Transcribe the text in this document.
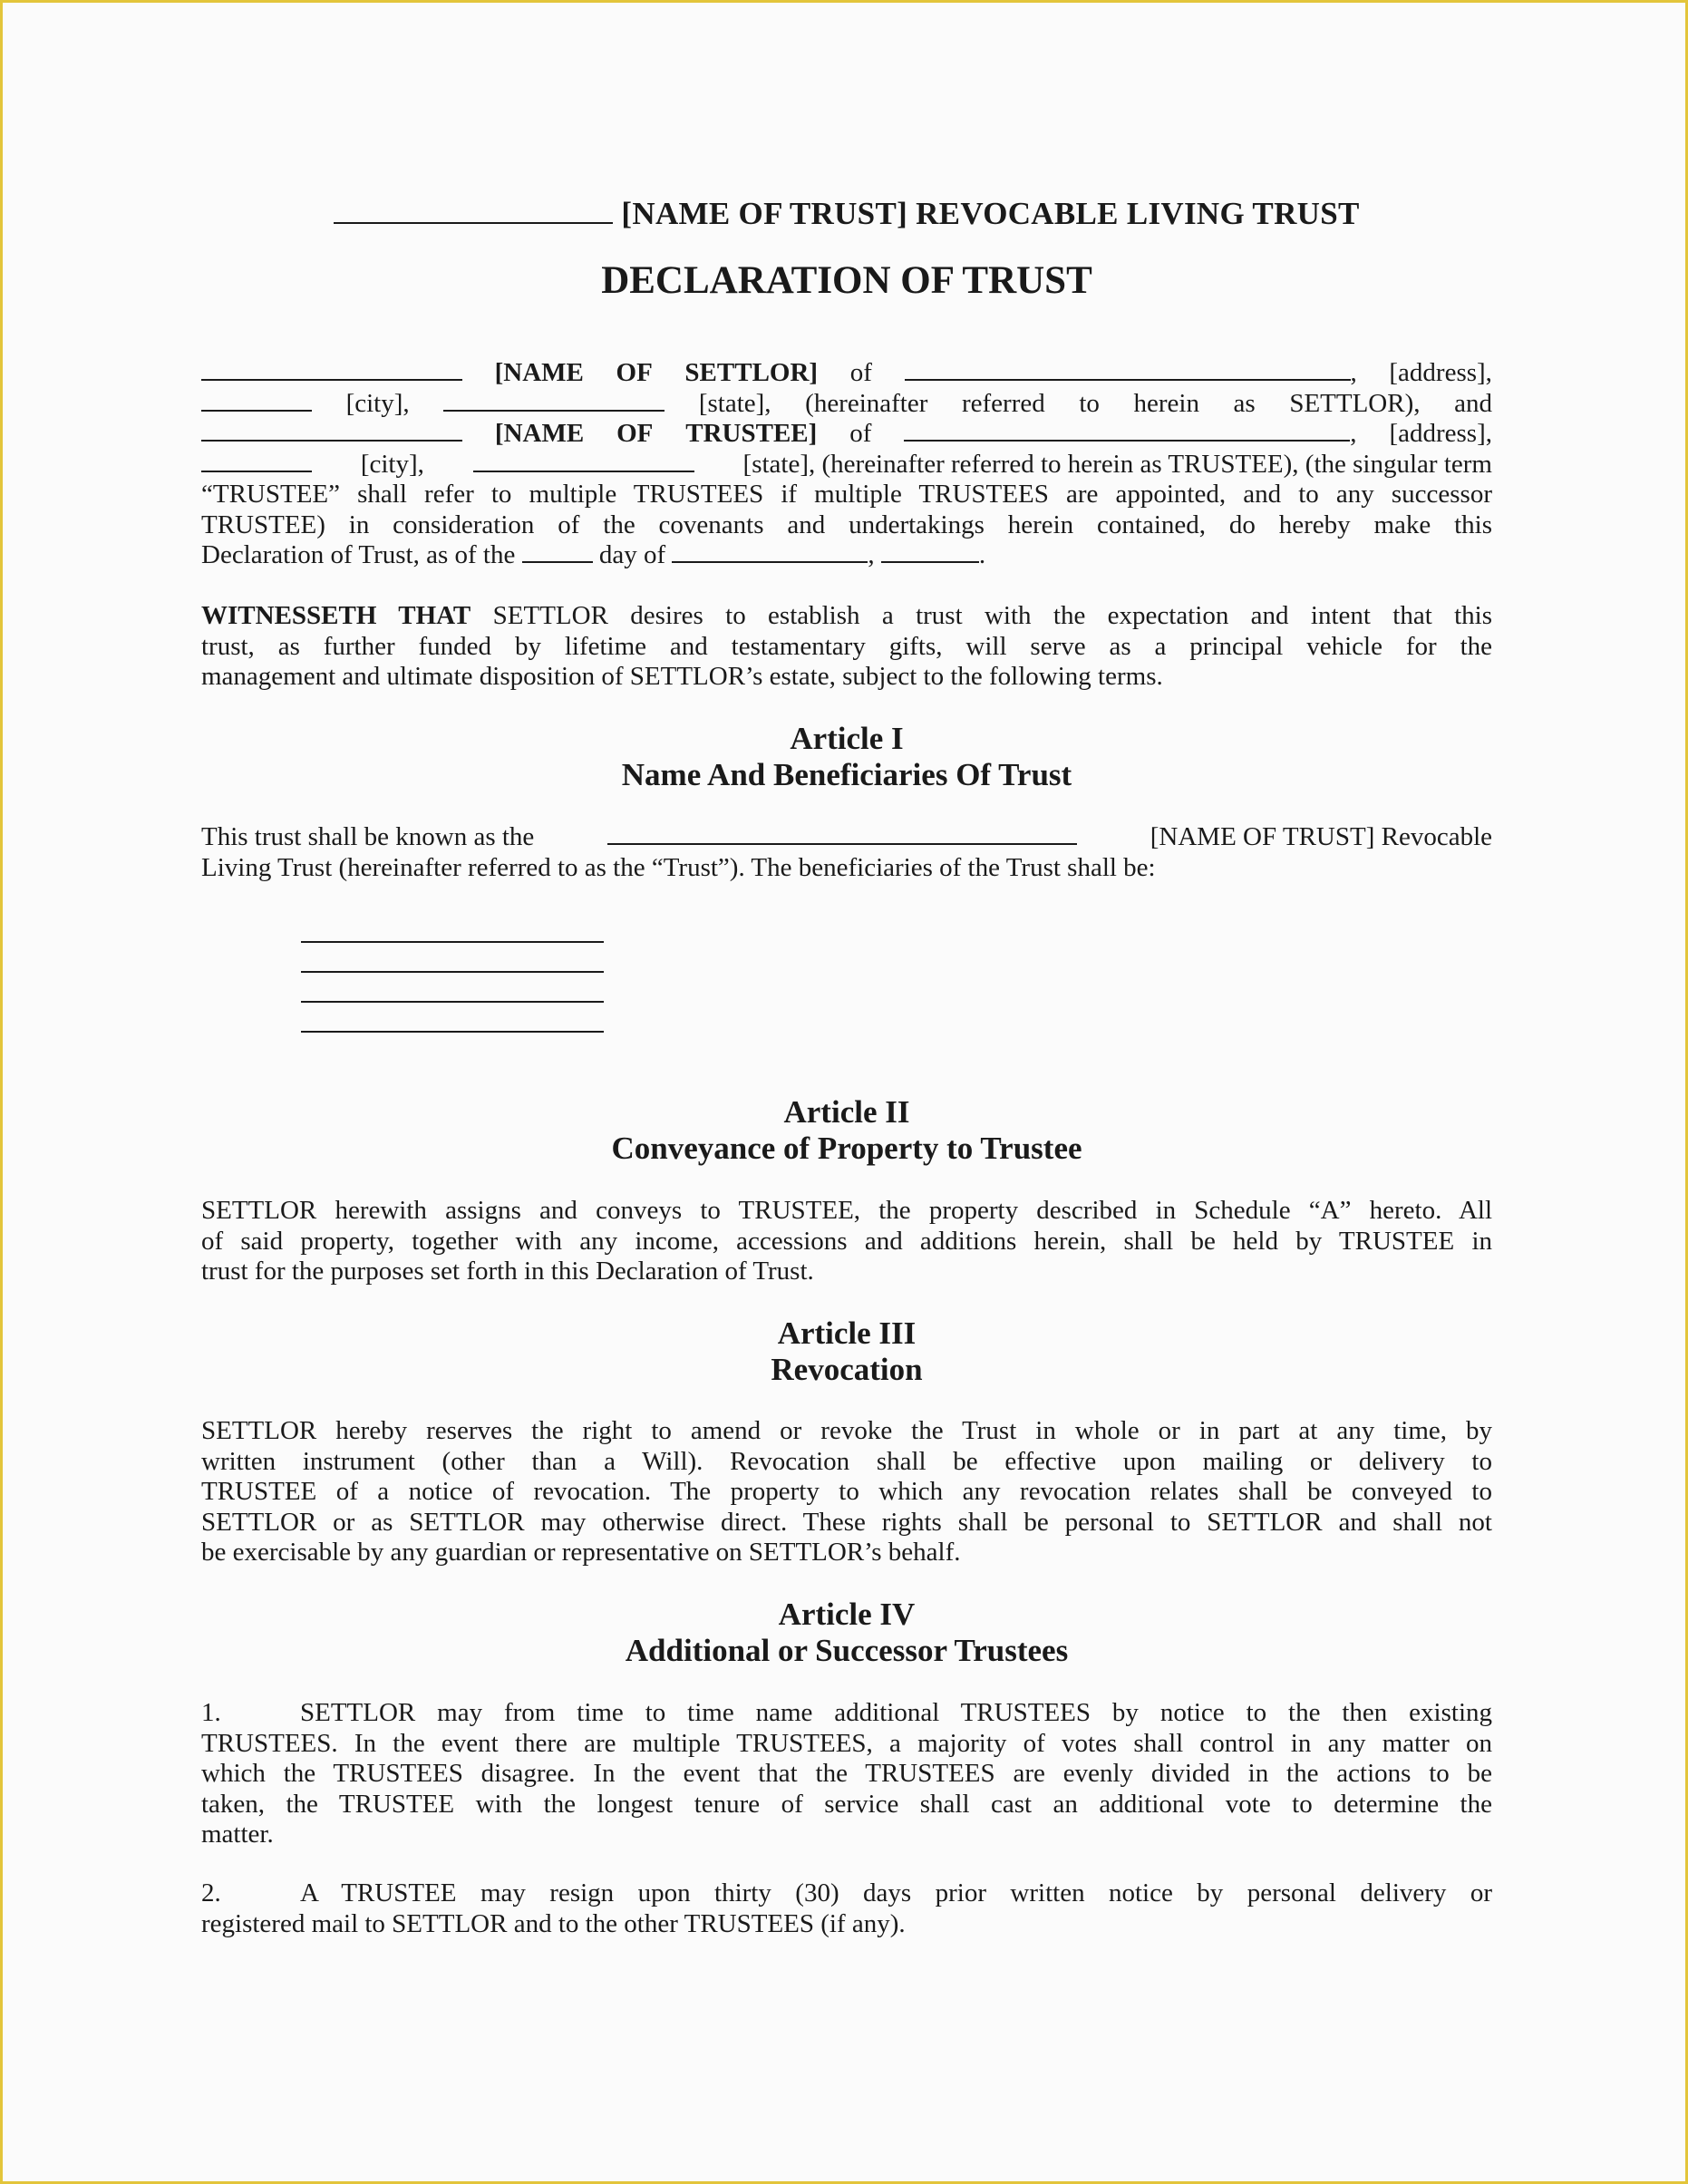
[NAME OF TRUST] REVOCABLE LIVING TRUST
DECLARATION OF TRUST
[NAME OF SETTLOR] of	, [address],
[city],	[state], (hereinafter referred to herein as SETTLOR), and
[NAME OF TRUSTEE] of	, [address],
[city],	[state], (hereinafter referred to herein as TRUSTEE), (the singular term

“TRUSTEE” shall refer to multiple TRUSTEES if multiple TRUSTEES are appointed, and to any successor

TRUSTEE) in consideration of the covenants and undertakings herein contained, do hereby make this

Declaration of Trust, as of the	day of	,	.

WITNESSETH THAT SETTLOR desires to establish a trust with the expectation and intent that this

trust, as further funded by lifetime and testamentary gifts, will serve as a principal vehicle for the

management and ultimate disposition of SETTLOR’s estate, subject to the following terms.

Article I
Name And Beneficiaries Of Trust
This trust shall be known as the	[NAME OF TRUST] Revocable

Living Trust (hereinafter referred to as the “Trust”). The beneficiaries of the Trust shall be:

Article II
Conveyance of Property to Trustee

SETTLOR herewith assigns and conveys to TRUSTEE, the property described in Schedule “A” hereto. All

of said property, together with any income, accessions and additions herein, shall be held by TRUSTEE in

trust for the purposes set forth in this Declaration of Trust.

Article III
Revocation

SETTLOR hereby reserves the right to amend or revoke the Trust in whole or in part at any time, by

written instrument (other than a Will). Revocation shall be effective upon mailing or delivery to

TRUSTEE of a notice of revocation. The property to which any revocation relates shall be conveyed to

SETTLOR or as SETTLOR may otherwise direct. These rights shall be personal to SETTLOR and shall not

be exercisable by any guardian or representative on SETTLOR’s behalf.

Article IV
Additional or Successor Trustees

1.	SETTLOR may from time to time name additional TRUSTEES by notice to the then existing

TRUSTEES. In the event there are multiple TRUSTEES, a majority of votes shall control in any matter on

which the TRUSTEES disagree. In the event that the TRUSTEES are evenly divided in the actions to be

taken, the TRUSTEE with the longest tenure of service shall cast an additional vote to determine the

matter.

2.	A TRUSTEE may resign upon thirty (30) days prior written notice by personal delivery or

registered mail to SETTLOR and to the other TRUSTEES (if any).
